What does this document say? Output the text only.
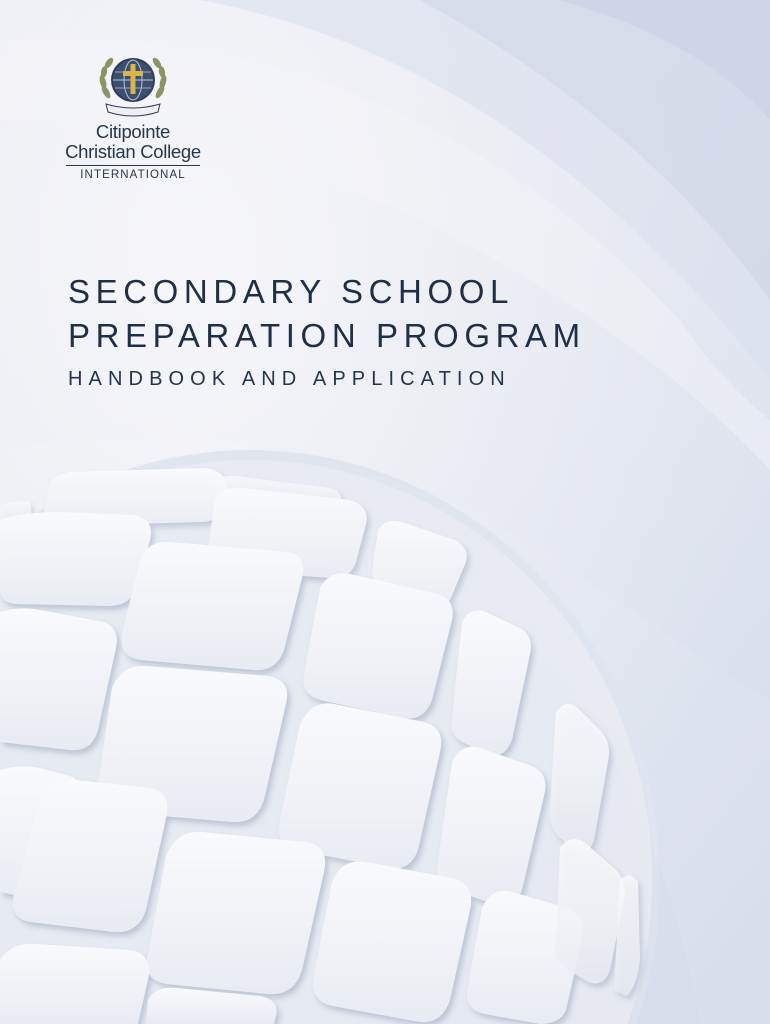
Citipointe
Christian College
INTERNATIONAL
SECONDARY SCHOOL
PREPARATION PROGRAM
HANDBOOK AND APPLICATION
